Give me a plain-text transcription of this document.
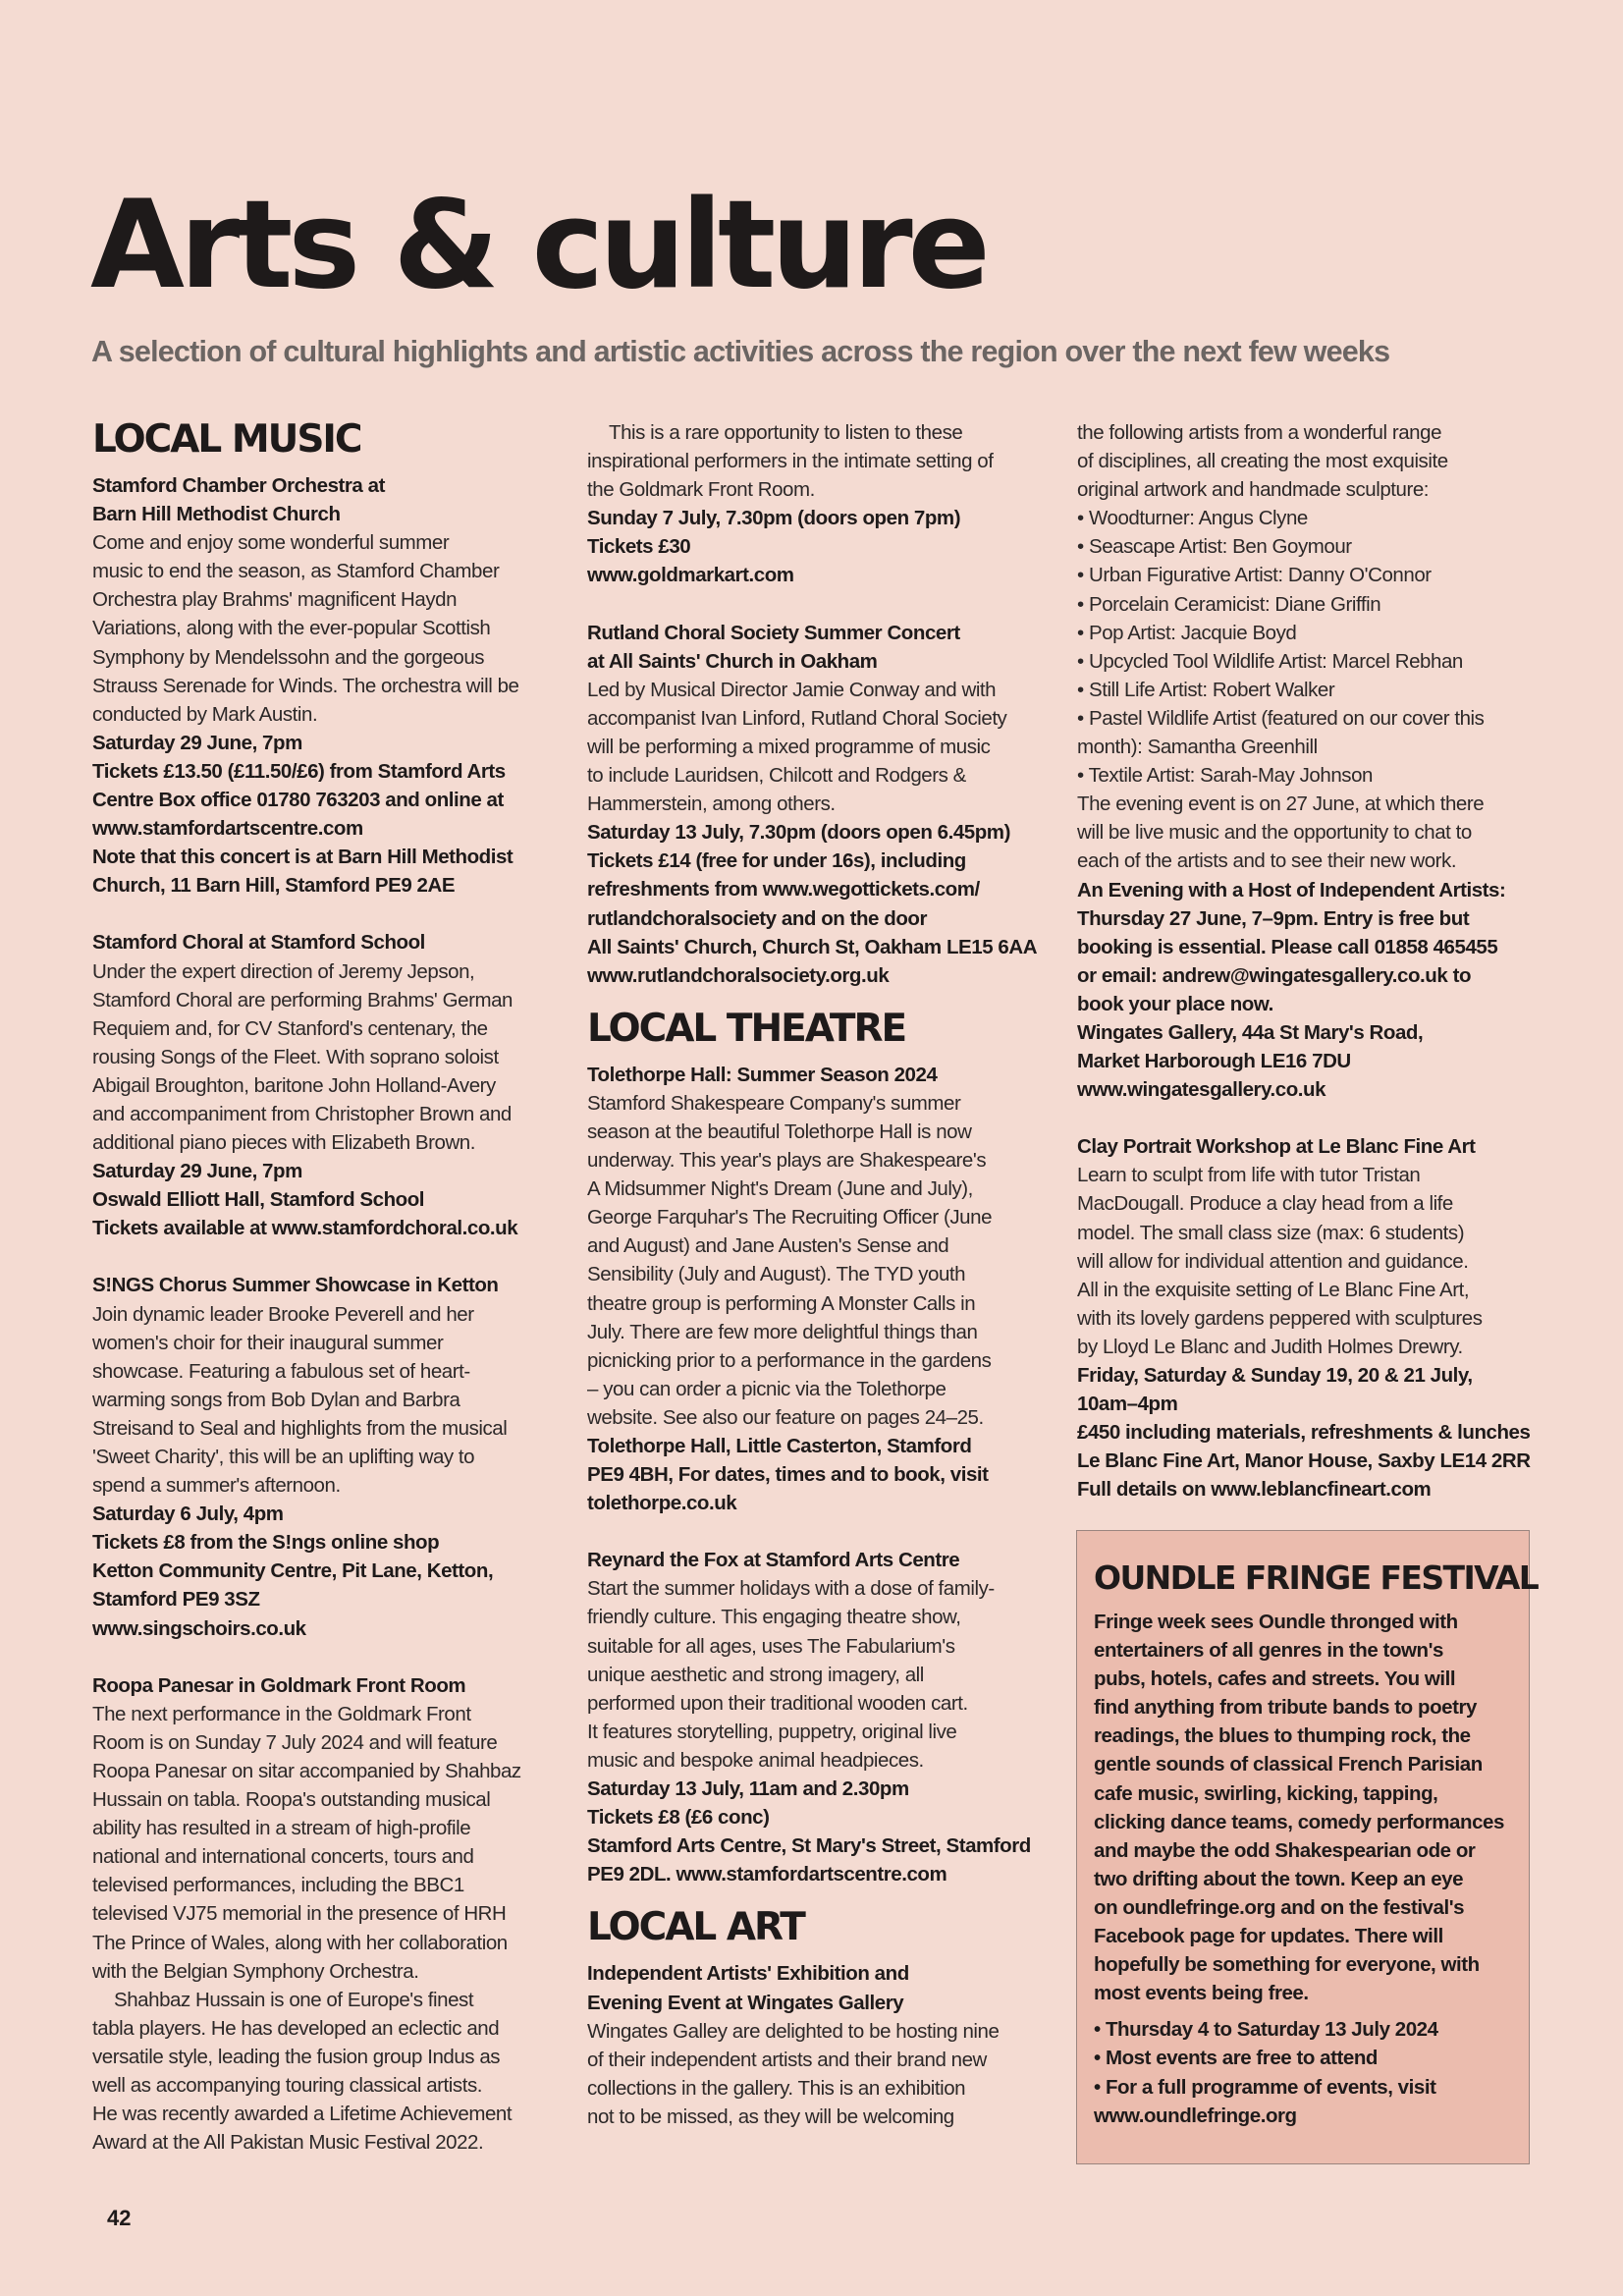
Arts & culture

A selection of cultural highlights and artistic activities across the region over the next few weeks

LOCAL MUSIC
Stamford Chamber Orchestra at
Barn Hill Methodist Church
Come and enjoy some wonderful summer
music to end the season, as Stamford Chamber
Orchestra play Brahms' magnificent Haydn
Variations, along with the ever-popular Scottish
Symphony by Mendelssohn and the gorgeous
Strauss Serenade for Winds. The orchestra will be
conducted by Mark Austin.
Saturday 29 June, 7pm
Tickets £13.50 (£11.50/£6) from Stamford Arts
Centre Box office 01780 763203 and online at
www.stamfordartscentre.com
Note that this concert is at Barn Hill Methodist
Church, 11 Barn Hill, Stamford PE9 2AE
Stamford Choral at Stamford School
Under the expert direction of Jeremy Jepson,
Stamford Choral are performing Brahms' German
Requiem and, for CV Stanford's centenary, the
rousing Songs of the Fleet. With soprano soloist
Abigail Broughton, baritone John Holland-Avery
and accompaniment from Christopher Brown and
additional piano pieces with Elizabeth Brown.
Saturday 29 June, 7pm
Oswald Elliott Hall, Stamford School
Tickets available at www.stamfordchoral.co.uk
S!NGS Chorus Summer Showcase in Ketton
Join dynamic leader Brooke Peverell and her
women's choir for their inaugural summer
showcase. Featuring a fabulous set of heart-
warming songs from Bob Dylan and Barbra
Streisand to Seal and highlights from the musical
'Sweet Charity', this will be an uplifting way to
spend a summer's afternoon.
Saturday 6 July, 4pm
Tickets £8 from the S!ngs online shop
Ketton Community Centre, Pit Lane, Ketton,
Stamford PE9 3SZ
www.singschoirs.co.uk
Roopa Panesar in Goldmark Front Room
The next performance in the Goldmark Front
Room is on Sunday 7 July 2024 and will feature
Roopa Panesar on sitar accompanied by Shahbaz
Hussain on tabla. Roopa's outstanding musical
ability has resulted in a stream of high-profile
national and international concerts, tours and
televised performances, including the BBC1
televised VJ75 memorial in the presence of HRH
The Prince of Wales, along with her collaboration
with the Belgian Symphony Orchestra.

Shahbaz Hussain is one of Europe's finest

tabla players. He has developed an eclectic and
versatile style, leading the fusion group Indus as
well as accompanying touring classical artists.
He was recently awarded a Lifetime Achievement
Award at the All Pakistan Music Festival 2022.

This is a rare opportunity to listen to these

inspirational performers in the intimate setting of
the Goldmark Front Room.
Sunday 7 July, 7.30pm (doors open 7pm)
Tickets £30
www.goldmarkart.com
Rutland Choral Society Summer Concert
at All Saints' Church in Oakham
Led by Musical Director Jamie Conway and with
accompanist Ivan Linford, Rutland Choral Society
will be performing a mixed programme of music
to include Lauridsen, Chilcott and Rodgers &
Hammerstein, among others.
Saturday 13 July, 7.30pm (doors open 6.45pm)
Tickets £14 (free for under 16s), including
refreshments from www.wegottickets.com/
rutlandchoralsociety and on the door
All Saints' Church, Church St, Oakham LE15 6AA
www.rutlandchoralsociety.org.uk
LOCAL THEATRE
Tolethorpe Hall: Summer Season 2024
Stamford Shakespeare Company's summer
season at the beautiful Tolethorpe Hall is now
underway. This year's plays are Shakespeare's
A Midsummer Night's Dream (June and July),
George Farquhar's The Recruiting Officer (June
and August) and Jane Austen's Sense and
Sensibility (July and August). The TYD youth
theatre group is performing A Monster Calls in
July. There are few more delightful things than
picnicking prior to a performance in the gardens
– you can order a picnic via the Tolethorpe
website. See also our feature on pages 24–25.
Tolethorpe Hall, Little Casterton, Stamford
PE9 4BH, For dates, times and to book, visit
tolethorpe.co.uk
Reynard the Fox at Stamford Arts Centre
Start the summer holidays with a dose of family-
friendly culture. This engaging theatre show,
suitable for all ages, uses The Fabularium's
unique aesthetic and strong imagery, all
performed upon their traditional wooden cart.
It features storytelling, puppetry, original live
music and bespoke animal headpieces.
Saturday 13 July, 11am and 2.30pm
Tickets £8 (£6 conc)
Stamford Arts Centre, St Mary's Street, Stamford
PE9 2DL. www.stamfordartscentre.com
LOCAL ART
Independent Artists' Exhibition and
Evening Event at Wingates Gallery
Wingates Galley are delighted to be hosting nine
of their independent artists and their brand new
collections in the gallery. This is an exhibition
not to be missed, as they will be welcoming
the following artists from a wonderful range
of disciplines, all creating the most exquisite
original artwork and handmade sculpture:
• Woodturner: Angus Clyne
• Seascape Artist: Ben Goymour
• Urban Figurative Artist: Danny O'Connor
• Porcelain Ceramicist: Diane Griffin
• Pop Artist: Jacquie Boyd
• Upcycled Tool Wildlife Artist: Marcel Rebhan
• Still Life Artist: Robert Walker
• Pastel Wildlife Artist (featured on our cover this
month): Samantha Greenhill
• Textile Artist: Sarah-May Johnson
The evening event is on 27 June, at which there
will be live music and the opportunity to chat to
each of the artists and to see their new work.
An Evening with a Host of Independent Artists:
Thursday 27 June, 7–9pm. Entry is free but
booking is essential. Please call 01858 465455
or email: andrew@wingatesgallery.co.uk to
book your place now.
Wingates Gallery, 44a St Mary's Road,
Market Harborough LE16 7DU
www.wingatesgallery.co.uk
Clay Portrait Workshop at Le Blanc Fine Art
Learn to sculpt from life with tutor Tristan
MacDougall. Produce a clay head from a life
model. The small class size (max: 6 students)
will allow for individual attention and guidance.
All in the exquisite setting of Le Blanc Fine Art,
with its lovely gardens peppered with sculptures
by Lloyd Le Blanc and Judith Holmes Drewry.
Friday, Saturday & Sunday 19, 20 & 21 July,
10am–4pm
£450 including materials, refreshments & lunches
Le Blanc Fine Art, Manor House, Saxby LE14 2RR
Full details on www.leblancfineart.com
OUNDLE FRINGE FESTIVAL
Fringe week sees Oundle thronged with
entertainers of all genres in the town's
pubs, hotels, cafes and streets. You will
find anything from tribute bands to poetry
readings, the blues to thumping rock, the
gentle sounds of classical French Parisian
cafe music, swirling, kicking, tapping,
clicking dance teams, comedy performances
and maybe the odd Shakespearian ode or
two drifting about the town. Keep an eye
on oundlefringe.org and on the festival's
Facebook page for updates. There will
hopefully be something for everyone, with
most events being free.
• Thursday 4 to Saturday 13 July 2024
• Most events are free to attend
• For a full programme of events, visit
www.oundlefringe.org

42
